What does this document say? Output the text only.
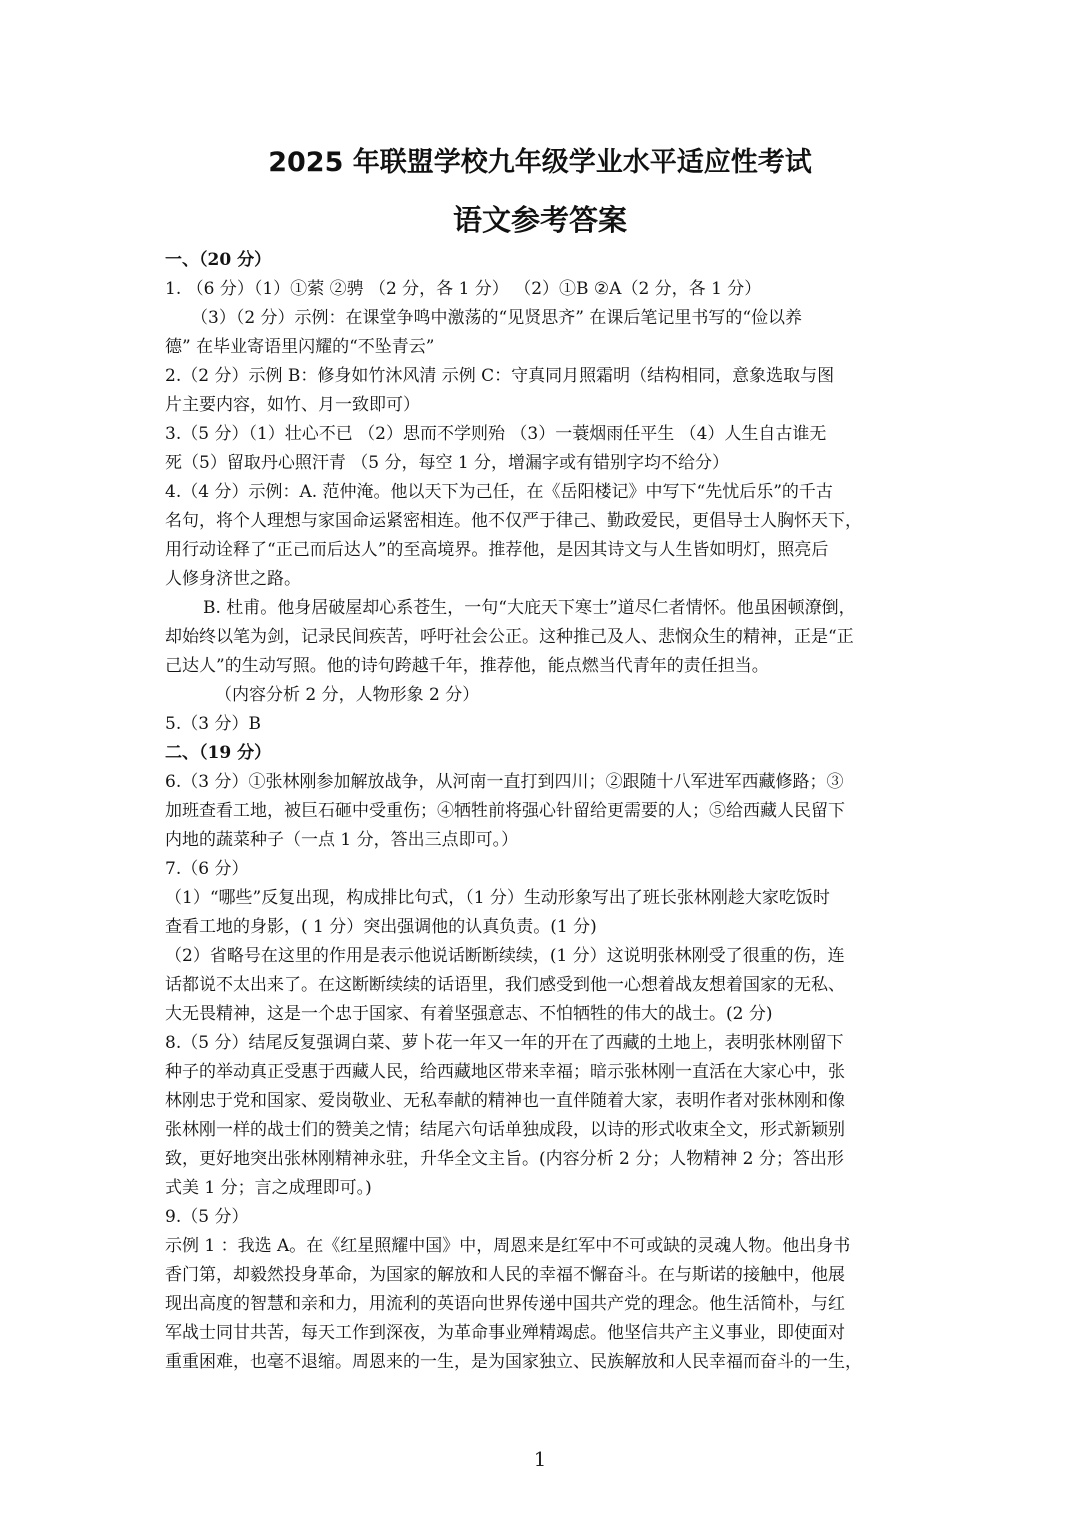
2025 年联盟学校九年级学业水平适应性考试
语文参考答案

一、（20 分）

1. （6 分）（1）①萦 ②骋 （2 分，各 1 分） （2）①B ②A（2 分，各 1 分）

（3）（2 分）示例：在课堂争鸣中激荡的“见贤思齐” 在课后笔记里书写的“俭以养

德” 在毕业寄语里闪耀的“不坠青云”

2.（2 分）示例 B：修身如竹沐风清 示例 C：守真同月照霜明（结构相同，意象选取与图

片主要内容，如竹、月一致即可）

3.（5 分）（1）壮心不已 （2）思而不学则殆 （3）一蓑烟雨任平生 （4）人生自古谁无

死（5）留取丹心照汗青 （5 分，每空 1 分，增漏字或有错别字均不给分）

4.（4 分）示例：A. 范仲淹。他以天下为己任，在《岳阳楼记》中写下“先忧后乐”的千古

名句，将个人理想与家国命运紧密相连。他不仅严于律己、勤政爱民，更倡导士人胸怀天下，

用行动诠释了“正己而后达人”的至高境界。推荐他，是因其诗文与人生皆如明灯，照亮后

人修身济世之路。

B. 杜甫。他身居破屋却心系苍生，一句“大庇天下寒士”道尽仁者情怀。他虽困顿潦倒，

却始终以笔为剑，记录民间疾苦，呼吁社会公正。这种推己及人、悲悯众生的精神，正是“正

己达人”的生动写照。他的诗句跨越千年，推荐他，能点燃当代青年的责任担当。

（内容分析 2 分，人物形象 2 分）

5.（3 分）B

二、（19 分）

6.（3 分）①张林刚参加解放战争，从河南一直打到四川；②跟随十八军进军西藏修路；③

加班查看工地，被巨石砸中受重伤；④牺牲前将强心针留给更需要的人；⑤给西藏人民留下

内地的蔬菜种子（一点 1 分，答出三点即可。）

7.（6 分）

（1）“哪些”反复出现，构成排比句式，（1 分）生动形象写出了班长张林刚趁大家吃饭时

查看工地的身影，( 1 分）突出强调他的认真负责。(1 分)

（2）省略号在这里的作用是表示他说话断断续续，(1 分）这说明张林刚受了很重的伤，连

话都说不太出来了。在这断断续续的话语里，我们感受到他一心想着战友想着国家的无私、

大无畏精神，这是一个忠于国家、有着坚强意志、不怕牺牲的伟大的战士。(2 分)

8.（5 分）结尾反复强调白菜、萝卜花一年又一年的开在了西藏的土地上，表明张林刚留下

种子的举动真正受惠于西藏人民，给西藏地区带来幸福；暗示张林刚一直活在大家心中，张

林刚忠于党和国家、爱岗敬业、无私奉献的精神也一直伴随着大家，表明作者对张林刚和像

张林刚一样的战士们的赞美之情；结尾六句话单独成段，以诗的形式收束全文，形式新颖别

致，更好地突出张林刚精神永驻，升华全文主旨。(内容分析 2 分；人物精神 2 分；答出形

式美 1 分；言之成理即可。)

9.（5 分）

示例 1 ：我选 A。在《红星照耀中国》中，周恩来是红军中不可或缺的灵魂人物。他出身书

香门第，却毅然投身革命，为国家的解放和人民的幸福不懈奋斗。在与斯诺的接触中，他展

现出高度的智慧和亲和力，用流利的英语向世界传递中国共产党的理念。他生活简朴，与红

军战士同甘共苦，每天工作到深夜，为革命事业殚精竭虑。他坚信共产主义事业，即使面对

重重困难，也毫不退缩。周恩来的一生，是为国家独立、民族解放和人民幸福而奋斗的一生，

1
